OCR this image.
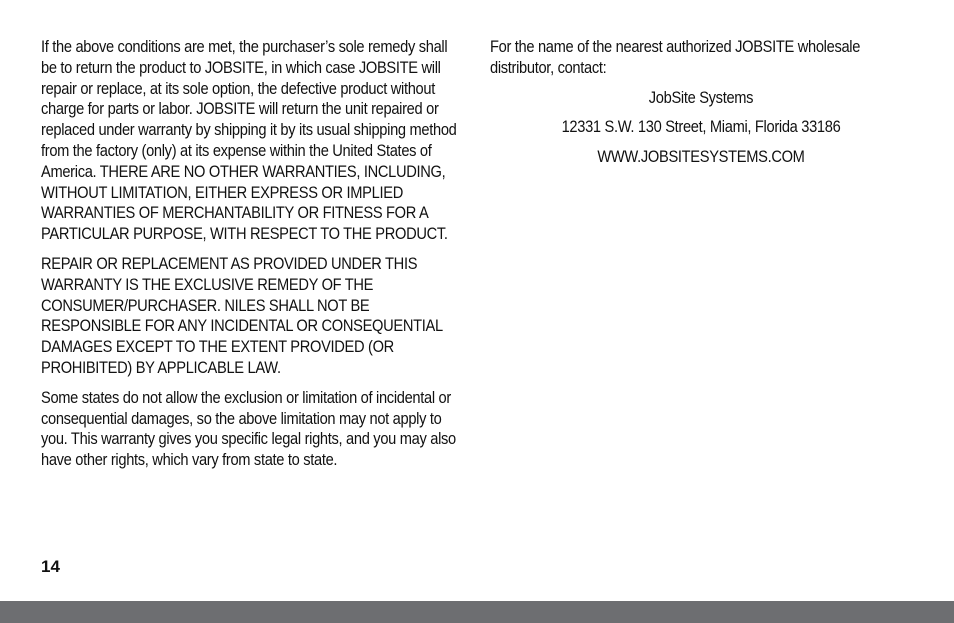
If the above conditions are met, the purchaser’s sole remedy shall be to return the product to JOBSITE, in which case JOBSITE will repair or replace, at its sole option, the defective product without charge for parts or labor. JOBSITE will return the unit repaired or replaced under warranty by shipping it by its usual shipping method from the factory (only) at its expense within the United States of America. THERE ARE NO OTHER WARRANTIES, INCLUDING, WITHOUT LIMITATION, EITHER EXPRESS OR IMPLIED WARRANTIES OF MERCHANTABILITY OR FITNESS FOR A PARTICULAR PURPOSE, WITH RESPECT TO THE PRODUCT.

REPAIR OR REPLACEMENT AS PROVIDED UNDER THIS WARRANTY IS THE EXCLUSIVE REMEDY OF THE CONSUMER/PURCHASER. NILES SHALL NOT BE RESPONSIBLE FOR ANY INCIDENTAL OR CONSEQUENTIAL DAMAGES EXCEPT TO THE EXTENT PROVIDED (OR PROHIBITED) BY APPLICABLE LAW.

Some states do not allow the exclusion or limitation of incidental or consequential damages, so the above limitation may not apply to you. This warranty gives you specific legal rights, and you may also have other rights, which vary from state to state.

For the name of the nearest authorized JOBSITE wholesale distributor, contact:

JobSite Systems
12331 S.W. 130 Street, Miami, Florida 33186
WWW.JOBSITESYSTEMS.COM
14
